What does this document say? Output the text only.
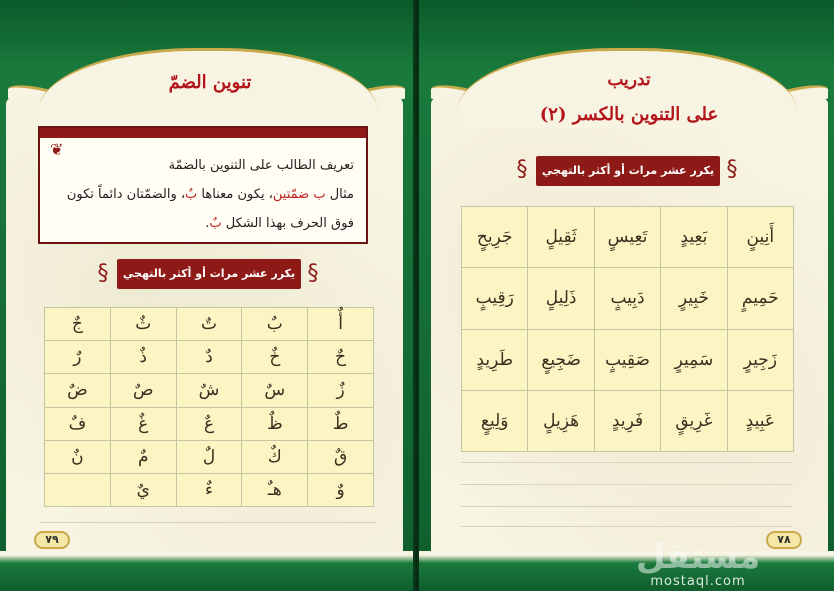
تنوين الضمّ
❦

تعريف الطالب على التنوين بالضمّة

مثال ب ضمّتين، يكون معناها بٌ، والضمّتان دائماً تكون

فوق الحرف بهذا الشكل بٌ.

§	يكرر عشر مرات أو أكثر بالتهجي §
أٌ
بٌ
تٌ
ثٌ
جٌ
حٌ
خٌ
دٌ
ذٌ
رٌ
زٌ
سٌ
شٌ
صٌ
ضٌ
طٌ
ظٌ
عٌ
غٌ
فٌ
قٌ
كٌ
لٌ
مٌ
نٌ
وٌ
هـٌ
ءٌ
يٌ
٧٩
تدريب
على التنوين بالكسر (٢)
§	يكرر عشر مرات أو أكثر بالتهجي §
٧٨
أَنِينٍ
بَعِيدٍ
تَعِيسٍ
ثَقِيلٍ
جَرِيحٍ
حَمِيمٍ
خَبِيرٍ
دَبِيبٍ
ذَلِيلٍ
رَقِيبٍ
زَجِيرٍ
سَمِيرٍ
صَقِيبٍ
ضَجِيعٍ
طَرِيدٍ
عَبِيدٍ
غَرِيقٍ
فَرِيدٍ
هَزِيلٍ
وَلِيعٍ
مستقل
mostaql.com
